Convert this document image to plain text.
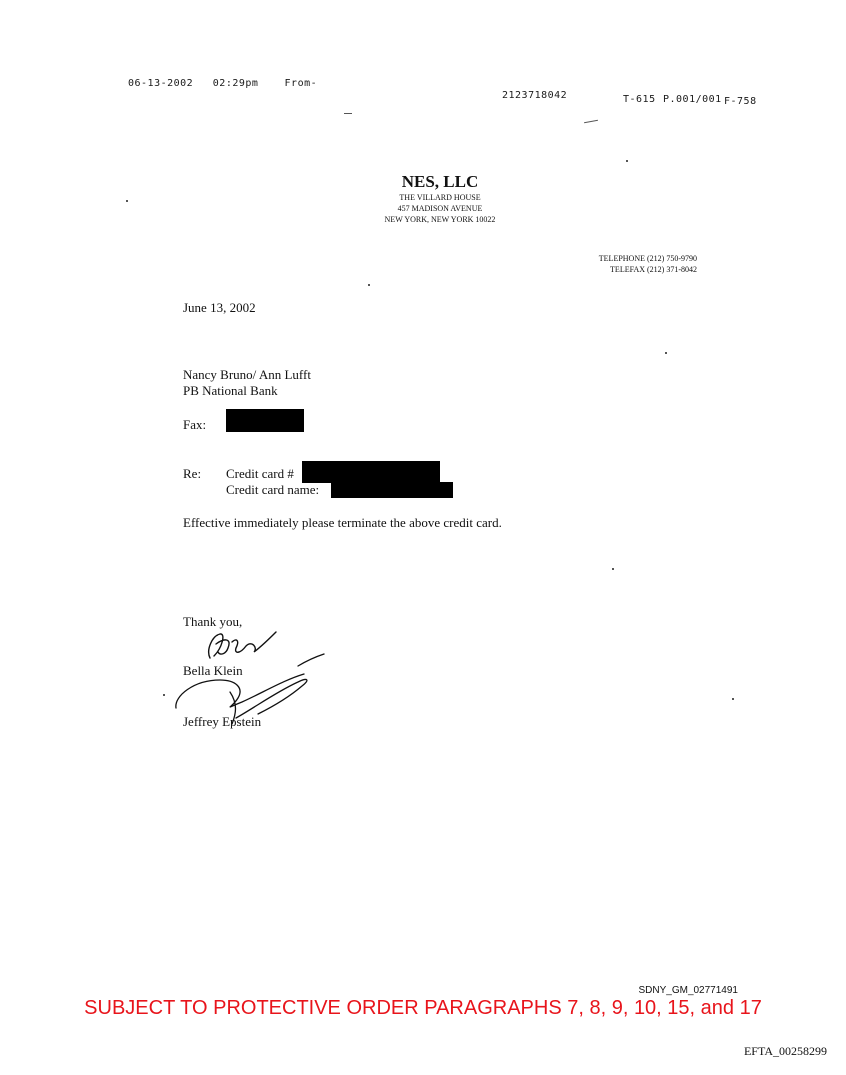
06-13-2002 02:29pm	From-
2123718042	T-615 P.001/001 F-758
NES, LLC
THE VILLARD HOUSE
457 MADISON AVENUE
NEW YORK, NEW YORK 10022
TELEPHONE (212) 750-9790
TELEFAX (212) 371-8042
June 13, 2002
Nancy Bruno/ Ann Lufft
PB National Bank
Fax:
Re: Credit card #
Credit card name:
Effective immediately please terminate the above credit card.
Thank you,
Bella Klein
Jeffrey Epstein
SDNY_GM_02771491
SUBJECT TO PROTECTIVE ORDER PARAGRAPHS 7, 8, 9, 10, 15, and 17
EFTA_00258299
